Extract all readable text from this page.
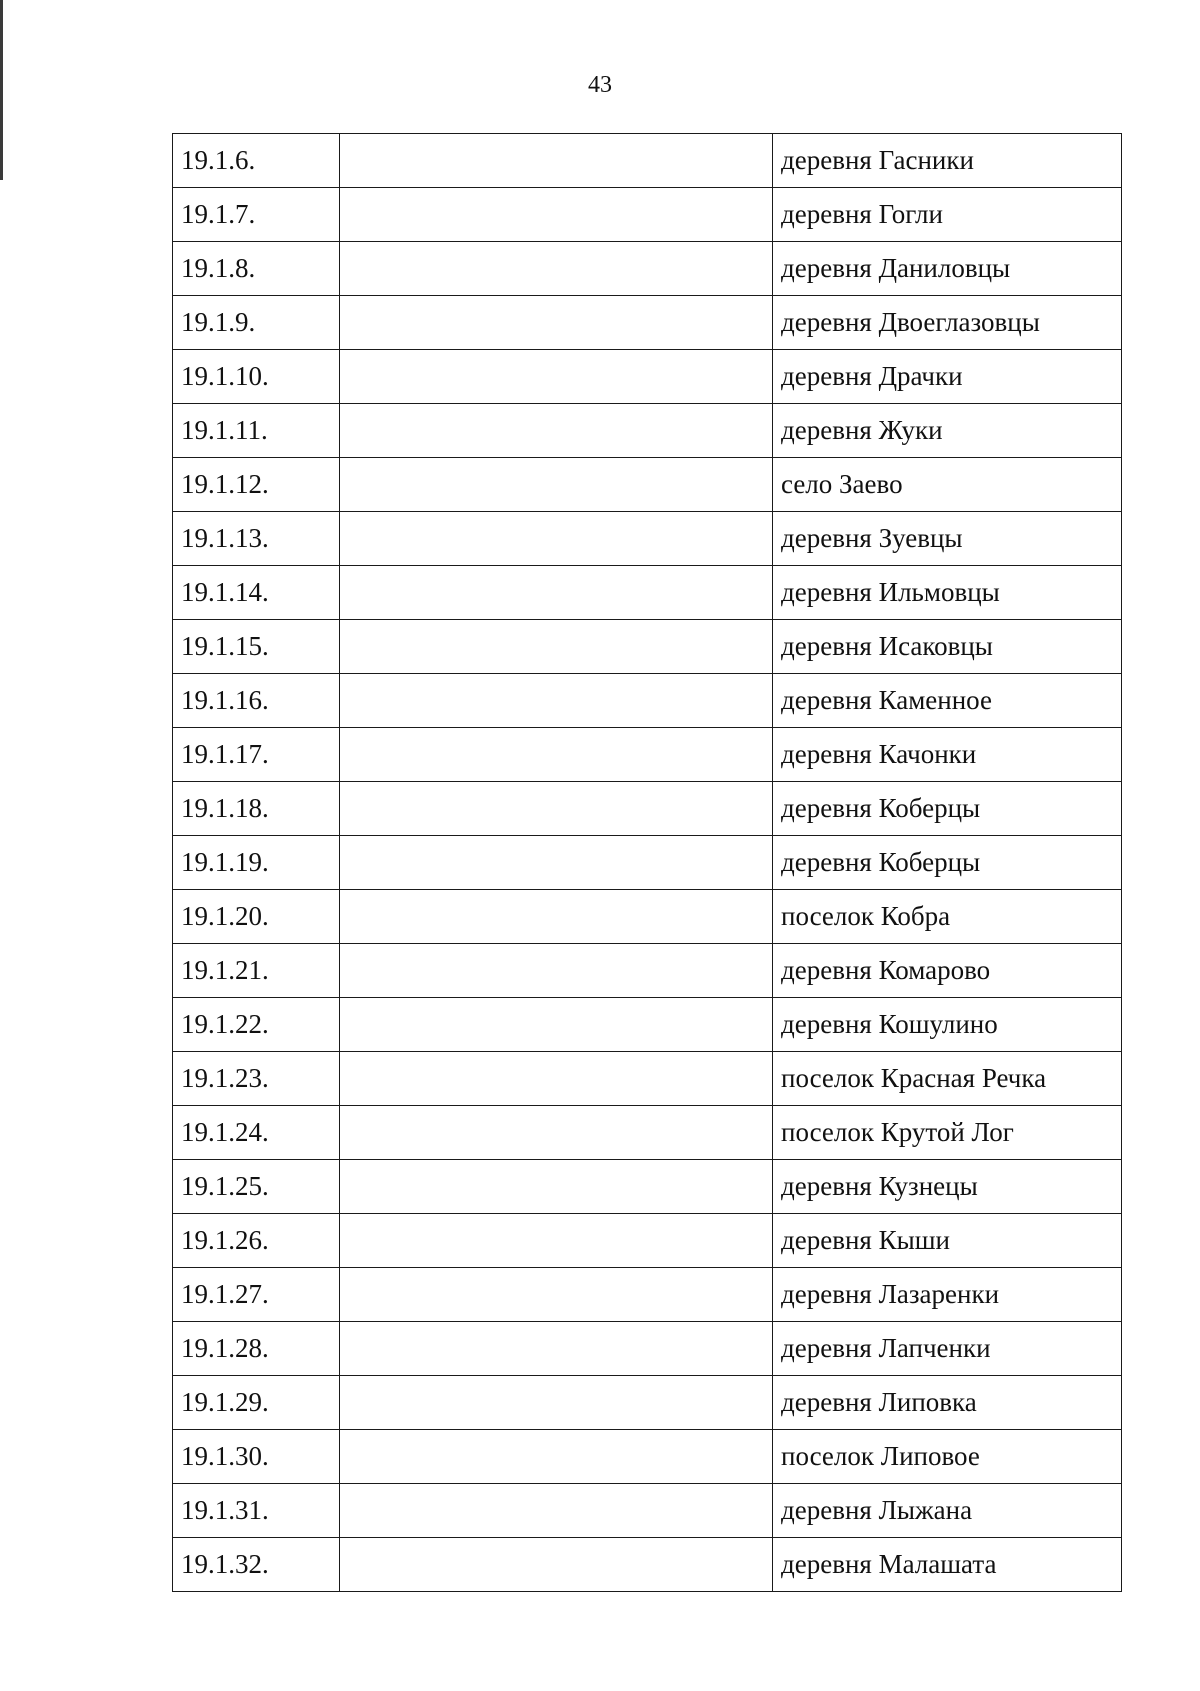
43
19.1.6.		деревня Гасники
19.1.7.		деревня Гогли
19.1.8.		деревня Даниловцы
19.1.9.		деревня Двоеглазовцы
19.1.10.		деревня Драчки
19.1.11.		деревня Жуки
19.1.12.		село Заево
19.1.13.		деревня Зуевцы
19.1.14.		деревня Ильмовцы
19.1.15.		деревня Исаковцы
19.1.16.		деревня Каменное
19.1.17.		деревня Качонки
19.1.18.		деревня Коберцы
19.1.19.		деревня Коберцы
19.1.20.		поселок Кобра
19.1.21.		деревня Комарово
19.1.22.		деревня Кошулино
19.1.23.		поселок Красная Речка
19.1.24.		поселок Крутой Лог
19.1.25.		деревня Кузнецы
19.1.26.		деревня Кыши
19.1.27.		деревня Лазаренки
19.1.28.		деревня Лапченки
19.1.29.		деревня Липовка
19.1.30.		поселок Липовое
19.1.31.		деревня Лыжана
19.1.32.		деревня Малашата
